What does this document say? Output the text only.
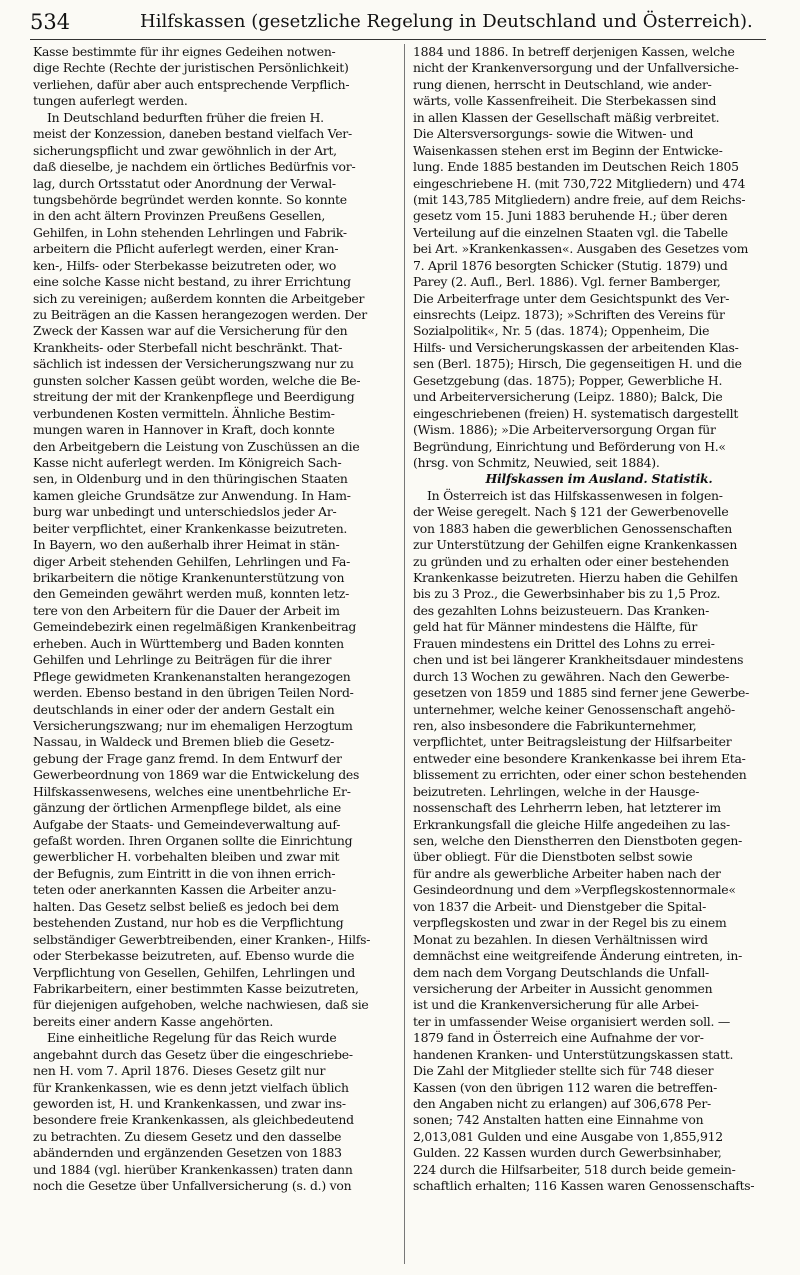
534	Hilfskassen (gesetzliche Regelung in Deutschland und Österreich).
Kasse bestimmte für ihr eignes Gedeihen notwen-
dige Rechte (Rechte der juristischen Persönlichkeit)
verliehen, dafür aber auch entsprechende Verpflich-
tungen auferlegt werden.
In Deutschland bedurften früher die freien H.
meist der Konzession, daneben bestand vielfach Ver-
sicherungspflicht und zwar gewöhnlich in der Art,
daß dieselbe, je nachdem ein örtliches Bedürfnis vor-
lag, durch Ortsstatut oder Anordnung der Verwal-
tungsbehörde begründet werden konnte. So konnte
in den acht ältern Provinzen Preußens Gesellen,
Gehilfen, in Lohn stehenden Lehrlingen und Fabrik-
arbeitern die Pflicht auferlegt werden, einer Kran-
ken-, Hilfs- oder Sterbekasse beizutreten oder, wo
eine solche Kasse nicht bestand, zu ihrer Errichtung
sich zu vereinigen; außerdem konnten die Arbeitgeber
zu Beiträgen an die Kassen herangezogen werden. Der
Zweck der Kassen war auf die Versicherung für den
Krankheits- oder Sterbefall nicht beschränkt. That-
sächlich ist indessen der Versicherungszwang nur zu
gunsten solcher Kassen geübt worden, welche die Be-
streitung der mit der Krankenpflege und Beerdigung
verbundenen Kosten vermitteln. Ähnliche Bestim-
mungen waren in Hannover in Kraft, doch konnte
den Arbeitgebern die Leistung von Zuschüssen an die
Kasse nicht auferlegt werden. Im Königreich Sach-
sen, in Oldenburg und in den thüringischen Staaten
kamen gleiche Grundsätze zur Anwendung. In Ham-
burg war unbedingt und unterschiedslos jeder Ar-
beiter verpflichtet, einer Krankenkasse beizutreten.
In Bayern, wo den außerhalb ihrer Heimat in stän-
diger Arbeit stehenden Gehilfen, Lehrlingen und Fa-
brikarbeitern die nötige Krankenunterstützung von
den Gemeinden gewährt werden muß, konnten letz-
tere von den Arbeitern für die Dauer der Arbeit im
Gemeindebezirk einen regelmäßigen Krankenbeitrag
erheben. Auch in Württemberg und Baden konnten
Gehilfen und Lehrlinge zu Beiträgen für die ihrer
Pflege gewidmeten Krankenanstalten herangezogen
werden. Ebenso bestand in den übrigen Teilen Nord-
deutschlands in einer oder der andern Gestalt ein
Versicherungszwang; nur im ehemaligen Herzogtum
Nassau, in Waldeck und Bremen blieb die Gesetz-
gebung der Frage ganz fremd. In dem Entwurf der
Gewerbeordnung von 1869 war die Entwickelung des
Hilfskassenwesens, welches eine unentbehrliche Er-
gänzung der örtlichen Armenpflege bildet, als eine
Aufgabe der Staats- und Gemeindeverwaltung auf-
gefaßt worden. Ihren Organen sollte die Einrichtung
gewerblicher H. vorbehalten bleiben und zwar mit
der Befugnis, zum Eintritt in die von ihnen errich-
teten oder anerkannten Kassen die Arbeiter anzu-
halten. Das Gesetz selbst beließ es jedoch bei dem
bestehenden Zustand, nur hob es die Verpflichtung
selbständiger Gewerbtreibenden, einer Kranken-, Hilfs-
oder Sterbekasse beizutreten, auf. Ebenso wurde die
Verpflichtung von Gesellen, Gehilfen, Lehrlingen und
Fabrikarbeitern, einer bestimmten Kasse beizutreten,
für diejenigen aufgehoben, welche nachwiesen, daß sie
bereits einer andern Kasse angehörten.
Eine einheitliche Regelung für das Reich wurde
angebahnt durch das Gesetz über die eingeschriebe-
nen H. vom 7. April 1876. Dieses Gesetz gilt nur
für Krankenkassen, wie es denn jetzt vielfach üblich
geworden ist, H. und Krankenkassen, und zwar ins-
besondere freie Krankenkassen, als gleichbedeutend
zu betrachten. Zu diesem Gesetz und den dasselbe
abändernden und ergänzenden Gesetzen von 1883
und 1884 (vgl. hierüber Krankenkassen) traten dann
noch die Gesetze über Unfallversicherung (s. d.) von
1884 und 1886. In betreff derjenigen Kassen, welche
nicht der Krankenversorgung und der Unfallversiche-
rung dienen, herrscht in Deutschland, wie ander-
wärts, volle Kassenfreiheit. Die Sterbekassen sind
in allen Klassen der Gesellschaft mäßig verbreitet.
Die Altersversorgungs- sowie die Witwen- und
Waisenkassen stehen erst im Beginn der Entwicke-
lung. Ende 1885 bestanden im Deutschen Reich 1805
eingeschriebene H. (mit 730,722 Mitgliedern) und 474
(mit 143,785 Mitgliedern) andre freie, auf dem Reichs-
gesetz vom 15. Juni 1883 beruhende H.; über deren
Verteilung auf die einzelnen Staaten vgl. die Tabelle
bei Art. »Krankenkassen«. Ausgaben des Gesetzes vom
7. April 1876 besorgten Schicker (Stutig. 1879) und
Parey (2. Aufl., Berl. 1886). Vgl. ferner Bamberger,
Die Arbeiterfrage unter dem Gesichtspunkt des Ver-
einsrechts (Leipz. 1873); »Schriften des Vereins für
Sozialpolitik«, Nr. 5 (das. 1874); Oppenheim, Die
Hilfs- und Versicherungskassen der arbeitenden Klas-
sen (Berl. 1875); Hirsch, Die gegenseitigen H. und die
Gesetzgebung (das. 1875); Popper, Gewerbliche H.
und Arbeiterversicherung (Leipz. 1880); Balck, Die
eingeschriebenen (freien) H. systematisch dargestellt
(Wism. 1886); »Die Arbeiterversorgung Organ für
Begründung, Einrichtung und Beförderung von H.«
(hrsg. von Schmitz, Neuwied, seit 1884).
Hilfskassen im Ausland. Statistik.
In Österreich ist das Hilfskassenwesen in folgen-
der Weise geregelt. Nach § 121 der Gewerbenovelle
von 1883 haben die gewerblichen Genossenschaften
zur Unterstützung der Gehilfen eigne Krankenkassen
zu gründen und zu erhalten oder einer bestehenden
Krankenkasse beizutreten. Hierzu haben die Gehilfen
bis zu 3 Proz., die Gewerbsinhaber bis zu 1,5 Proz.
des gezahlten Lohns beizusteuern. Das Kranken-
geld hat für Männer mindestens die Hälfte, für
Frauen mindestens ein Drittel des Lohns zu errei-
chen und ist bei längerer Krankheitsdauer mindestens
durch 13 Wochen zu gewähren. Nach den Gewerbe-
gesetzen von 1859 und 1885 sind ferner jene Gewerbe-
unternehmer, welche keiner Genossenschaft angehö-
ren, also insbesondere die Fabrikunternehmer,
verpflichtet, unter Beitragsleistung der Hilfsarbeiter
entweder eine besondere Krankenkasse bei ihrem Eta-
blissement zu errichten, oder einer schon bestehenden
beizutreten. Lehrlingen, welche in der Hausge-
nossenschaft des Lehrherrn leben, hat letzterer im
Erkrankungsfall die gleiche Hilfe angedeihen zu las-
sen, welche den Dienstherren den Dienstboten gegen-
über obliegt. Für die Dienstboten selbst sowie
für andre als gewerbliche Arbeiter haben nach der
Gesindeordnung und dem »Verpflegskostennormale«
von 1837 die Arbeit- und Dienstgeber die Spital-
verpflegskosten und zwar in der Regel bis zu einem
Monat zu bezahlen. In diesen Verhältnissen wird
demnächst eine weitgreifende Änderung eintreten, in-
dem nach dem Vorgang Deutschlands die Unfall-
versicherung der Arbeiter in Aussicht genommen
ist und die Krankenversicherung für alle Arbei-
ter in umfassender Weise organisiert werden soll. —
1879 fand in Österreich eine Aufnahme der vor-
handenen Kranken- und Unterstützungskassen statt.
Die Zahl der Mitglieder stellte sich für 748 dieser
Kassen (von den übrigen 112 waren die betreffen-
den Angaben nicht zu erlangen) auf 306,678 Per-
sonen; 742 Anstalten hatten eine Einnahme von
2,013,081 Gulden und eine Ausgabe von 1,855,912
Gulden. 22 Kassen wurden durch Gewerbsinhaber,
224 durch die Hilfsarbeiter, 518 durch beide gemein-
schaftlich erhalten; 116 Kassen waren Genossenschafts-
